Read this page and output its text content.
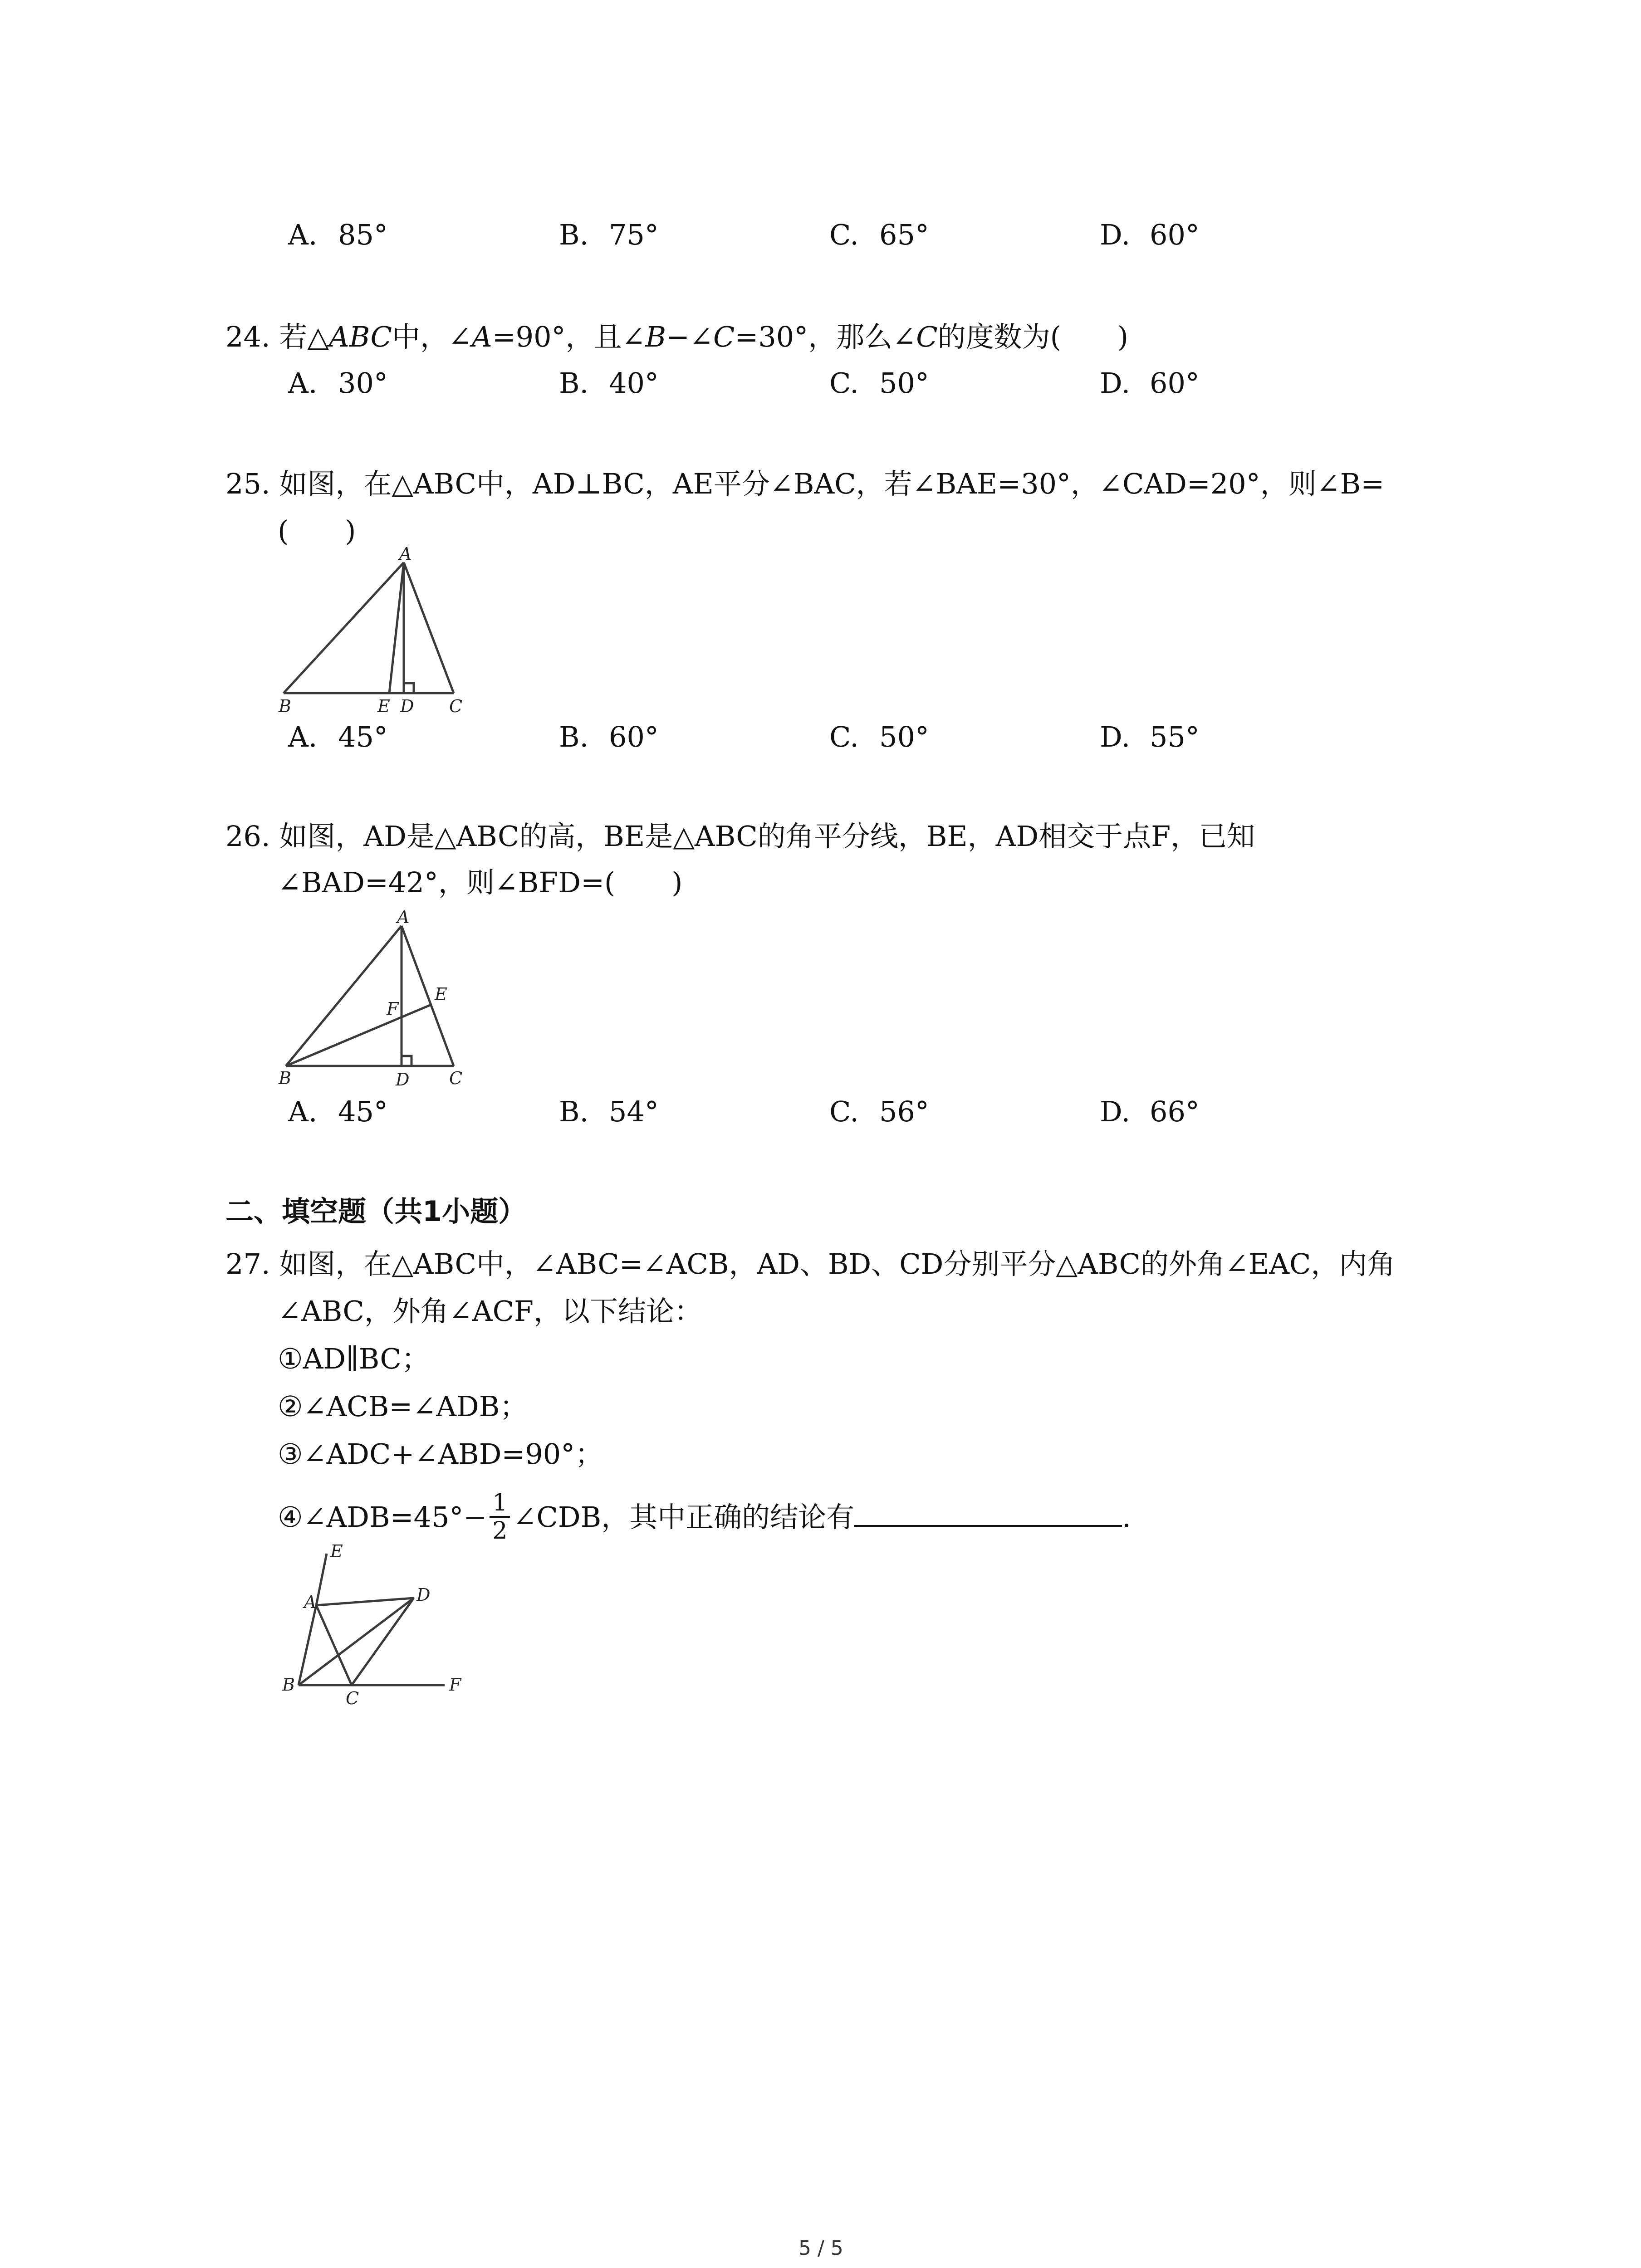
A. 85°	B. 75°	C. 65°	D. 60°
24. 若△ABC中，∠A=90°，且∠B−∠C=30°，那么∠C的度数为(　　)
A. 30°	B. 40°	C. 50°	D. 60°
25. 如图，在△ABC中，AD⊥BC，AE平分∠BAC，若∠BAE=30°，∠CAD=20°，则∠B=
(　　)
A
B	E D C
A. 45°	B. 60°	C. 50°	D. 55°
26. 如图，AD是△ABC的高，BE是△ABC的角平分线，BE，AD相交于点F，已知
∠BAD=42°，则∠BFD=(　　)
A
B
F
E
D C
A. 45°	B. 54°	C. 56°	D. 66°
二、填空题（共1小题）
27. 如图，在△ABC中，∠ABC=∠ACB，AD、BD、CD分别平分△ABC的外角∠EAC，内角
∠ABC，外角∠ACF，以下结论：
①AD∥BC；
②∠ACB=∠ADB；
③∠ADC+∠ABD=90°；
④∠ADB=45°− $\frac{1}{2}$ ∠CDB，其中正确的结论有	.
E
A	D
B
C
F
5 / 5
